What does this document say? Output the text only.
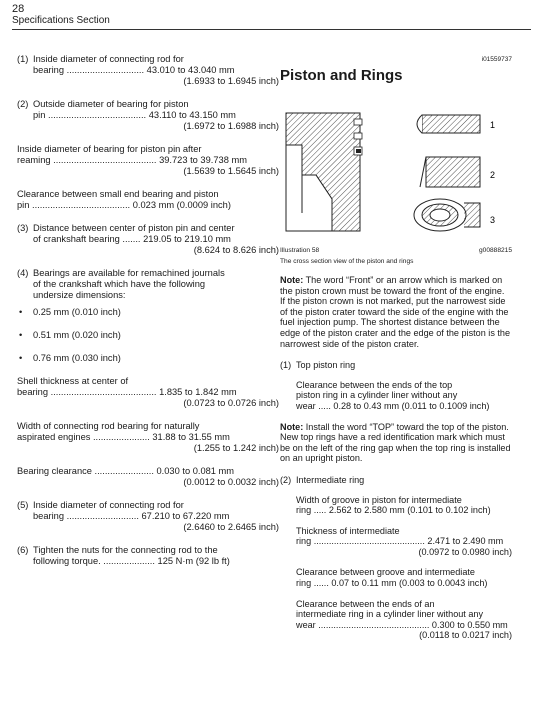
28
Specifications Section
(1) Inside diameter of connecting rod for
bearing .............................. 43.010 to 43.040 mm
(1.6933 to 1.6945 inch)
(2) Outside diameter of bearing for piston
pin ...................................... 43.110 to 43.150 mm
(1.6972 to 1.6988 inch)
Inside diameter of bearing for piston pin after
reaming ........................................ 39.723 to 39.738 mm
(1.5639 to 1.5645 inch)
Clearance between small end bearing and piston
pin ...................................... 0.023 mm (0.0009 inch)
(3) Distance between center of piston pin and center
of crankshaft bearing ....... 219.05 to 219.10 mm
(8.624 to 8.626 inch)
(4) Bearings are available for remachined journals
of the crankshaft which have the following
undersize dimensions:
• 0.25 mm (0.010 inch)
• 0.51 mm (0.020 inch)
• 0.76 mm (0.030 inch)
Shell thickness at center of
bearing ......................................... 1.835 to 1.842 mm
(0.0723 to 0.0726 inch)
Width of connecting rod bearing for naturally
aspirated engines ...................... 31.88 to 31.55 mm
(1.255 to 1.242 inch)
Bearing clearance ....................... 0.030 to 0.081 mm
(0.0012 to 0.0032 inch)
(5) Inside diameter of connecting rod for
bearing ............................ 67.210 to 67.220 mm
(2.6460 to 2.6465 inch)
(6) Tighten the nuts for the connecting rod to the
following torque. .................... 125 N·m (92 lb ft)
i01559737
Piston and Rings
1
2
3
Illustration 58	g00888215
The cross section view of the piston and rings
Note: The word “Front” or an arrow which is marked on the piston crown must be toward the front of the engine. If the piston crown is not marked, put the narrowest side of the piston crater toward the side of the engine with the fuel injection pump. The shortest distance between the edge of the piston crater and the edge of the piston is the narrowest side of the piston crater.
(1) Top piston ring
Clearance between the ends of the top
piston ring in a cylinder liner without any
wear ..... 0.28 to 0.43 mm (0.011 to 0.1009 inch)
Note: Install the word “TOP” toward the top of the piston. New top rings have a red identification mark which must be on the left of the ring gap when the top ring is installed on an upright piston.
(2) Intermediate ring
Width of groove in piston for intermediate
ring ..... 2.562 to 2.580 mm (0.101 to 0.102 inch)
Thickness of intermediate
ring ............................................ 2.471 to 2.490 mm
(0.0972 to 0.0980 inch)
Clearance between groove and intermediate
ring ...... 0.07 to 0.11 mm (0.003 to 0.0043 inch)
Clearance between the ends of an
intermediate ring in a cylinder liner without any
wear ............................................ 0.300 to 0.550 mm
(0.0118 to 0.0217 inch)
